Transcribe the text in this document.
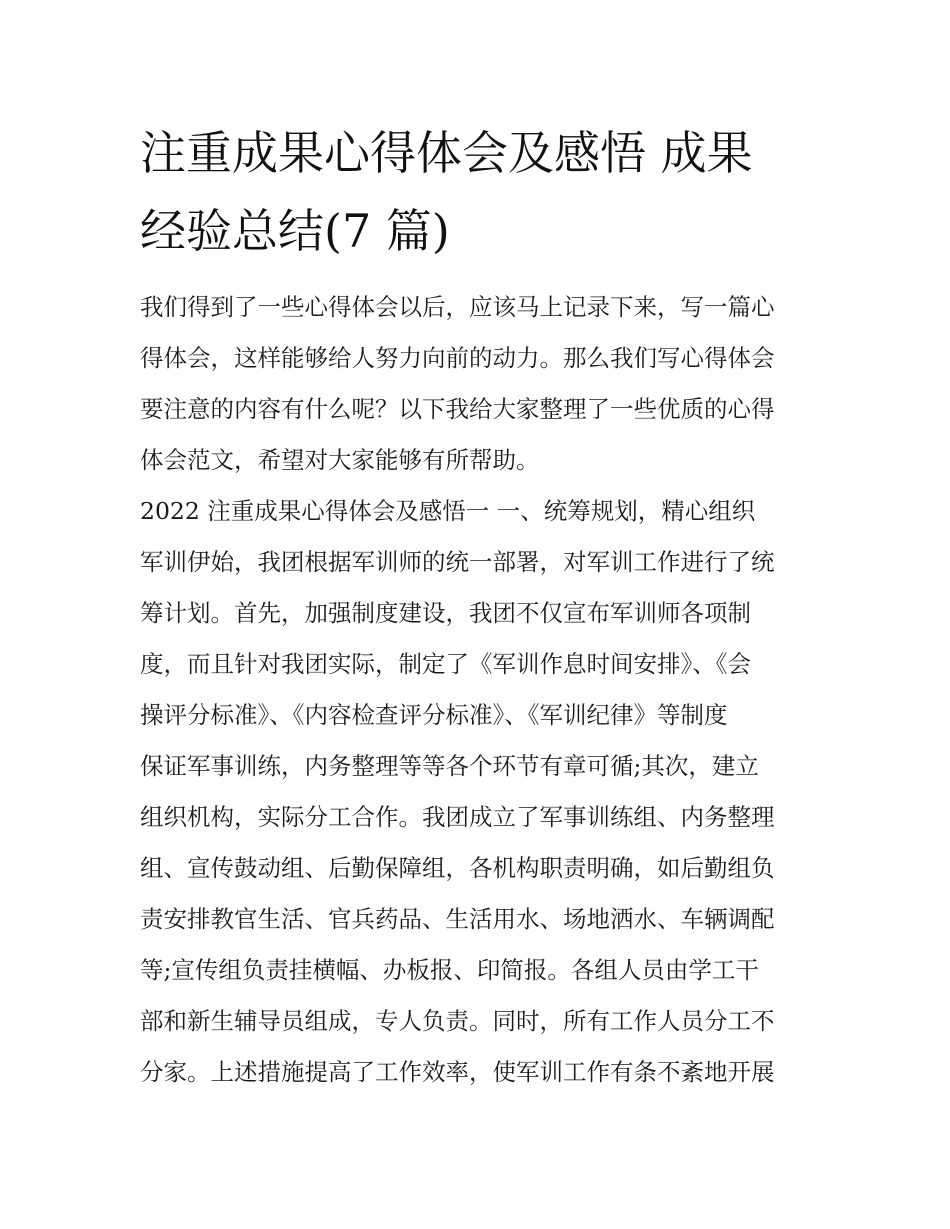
注重成果心得体会及感悟 成果
经验总结(7 篇)
我们得到了一些心得体会以后，应该马上记录下来，写一篇心
得体会，这样能够给人努力向前的动力。那么我们写心得体会
要注意的内容有什么呢？以下我给大家整理了一些优质的心得
体会范文，希望对大家能够有所帮助。
2022 注重成果心得体会及感悟一 一、统筹规划，精心组织
军训伊始，我团根据军训师的统一部署，对军训工作进行了统
筹计划。首先，加强制度建设，我团不仅宣布军训师各项制
度，而且针对我团实际，制定了《军训作息时间安排》、《会
操评分标准》、《内容检查评分标准》、《军训纪律》等制度
保证军事训练，内务整理等等各个环节有章可循;其次，建立
组织机构，实际分工合作。我团成立了军事训练组、内务整理
组、宣传鼓动组、后勤保障组，各机构职责明确，如后勤组负
责安排教官生活、官兵药品、生活用水、场地洒水、车辆调配
等;宣传组负责挂横幅、办板报、印简报。各组人员由学工干
部和新生辅导员组成，专人负责。同时，所有工作人员分工不
分家。上述措施提高了工作效率，使军训工作有条不紊地开展
